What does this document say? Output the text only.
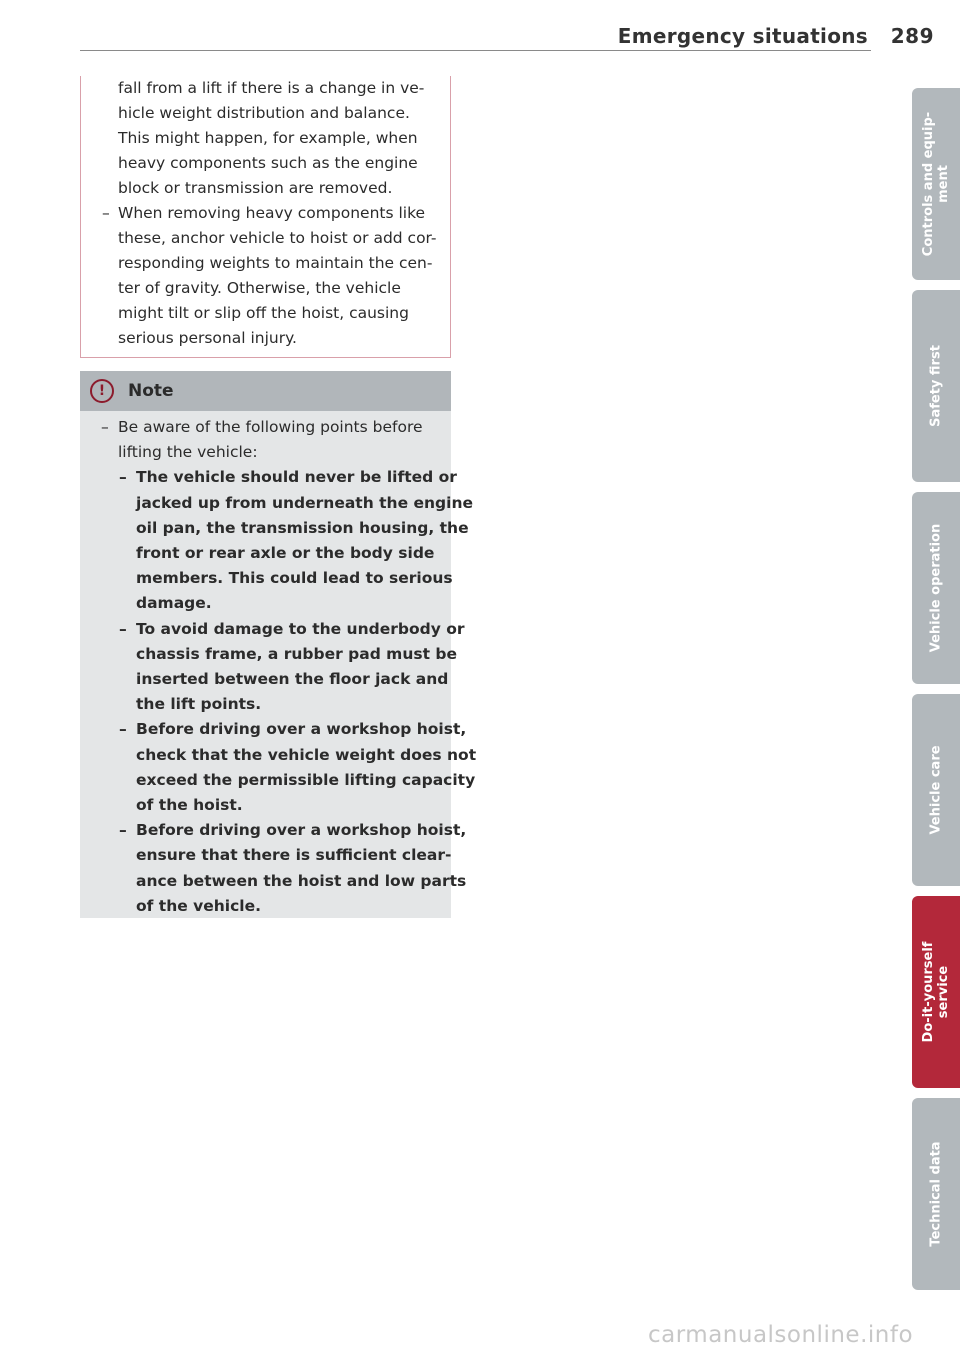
Emergency situations 289
fall from a lift if there is a change in ve-
hicle weight distribution and balance.
This might happen, for example, when
heavy components such as the engine
block or transmission are removed.
– When removing heavy components like
these, anchor vehicle to hoist or add cor-
responding weights to maintain the cen-
ter of gravity. Otherwise, the vehicle
might tilt or slip off the hoist, causing
serious personal injury.
!	Note
– Be aware of the following points before
lifting the vehicle:
– The vehicle should never be lifted or
jacked up from underneath the engine
oil pan, the transmission housing, the
front or rear axle or the body side
members. This could lead to serious
damage.
– To avoid damage to the underbody or
chassis frame, a rubber pad must be
inserted between the floor jack and
the lift points.
– Before driving over a workshop hoist,
check that the vehicle weight does not
exceed the permissible lifting capacity
of the hoist.
– Before driving over a workshop hoist,
ensure that there is sufficient clear-
ance between the hoist and low parts
of the vehicle.
Controls and equip- ment
Safety first
Vehicle operation
Vehicle care
Do-it-yourself service
Technical data
carmanualsonline.info
